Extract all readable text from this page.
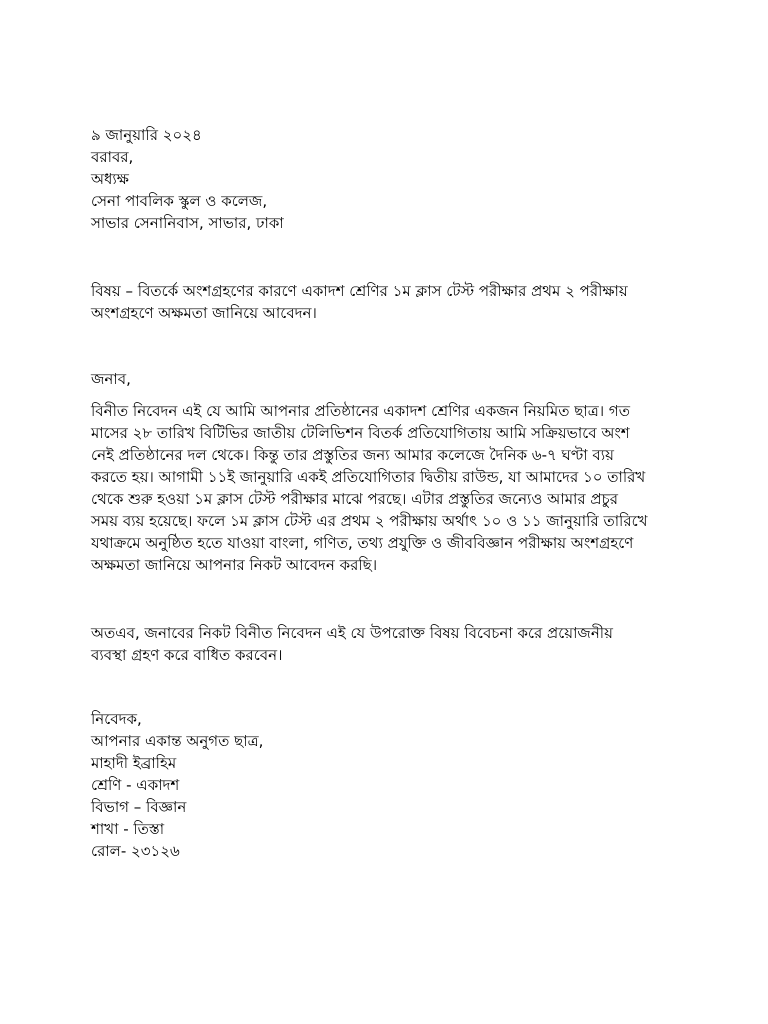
৯ জানুয়ারি ২০২৪
বরাবর,
অধ্যক্ষ
সেনা পাবলিক স্কুল ও কলেজ,
সাভার সেনানিবাস, সাভার, ঢাকা
বিষয় – বিতর্কে অংশগ্রহণের কারণে একাদশ শ্রেণির ১ম ক্লাস টেস্ট পরীক্ষার প্রথম ২ পরীক্ষায়
অংশগ্রহণে অক্ষমতা জানিয়ে আবেদন।
জনাব,
বিনীত নিবেদন এই যে আমি আপনার প্রতিষ্ঠানের একাদশ শ্রেণির একজন নিয়মিত ছাত্র। গত
মাসের ২৮ তারিখ বিটিভির জাতীয় টেলিভিশন বিতর্ক প্রতিযোগিতায় আমি সক্রিয়ভাবে অংশ
নেই প্রতিষ্ঠানের দল থেকে। কিন্তু তার প্রস্তুতির জন্য আমার কলেজে দৈনিক ৬-৭ ঘণ্টা ব্যয়
করতে হয়। আগামী ১১ই জানুয়ারি একই প্রতিযোগিতার দ্বিতীয় রাউন্ড, যা আমাদের ১০ তারিখ
থেকে শুরু হওয়া ১ম ক্লাস টেস্ট পরীক্ষার মাঝে পরছে। এটার প্রস্তুতির জন্যেও আমার প্রচুর
সময় ব্যয় হয়েছে। ফলে ১ম ক্লাস টেস্ট এর প্রথম ২ পরীক্ষায় অর্থাৎ ১০ ও ১১ জানুয়ারি তারিখে
যথাক্রমে অনুষ্ঠিত হতে যাওয়া বাংলা, গণিত, তথ্য প্রযুক্তি ও জীববিজ্ঞান পরীক্ষায় অংশগ্রহণে
অক্ষমতা জানিয়ে আপনার নিকট আবেদন করছি।
অতএব, জনাবের নিকট বিনীত নিবেদন এই যে উপরোক্ত বিষয় বিবেচনা করে প্রয়োজনীয়
ব্যবস্থা গ্রহণ করে বাধিত করবেন।
নিবেদক,
আপনার একান্ত অনুগত ছাত্র,
মাহাদী ইব্রাহিম
শ্রেণি - একাদশ
বিভাগ – বিজ্ঞান
শাখা - তিস্তা
রোল- ২৩১২৬
